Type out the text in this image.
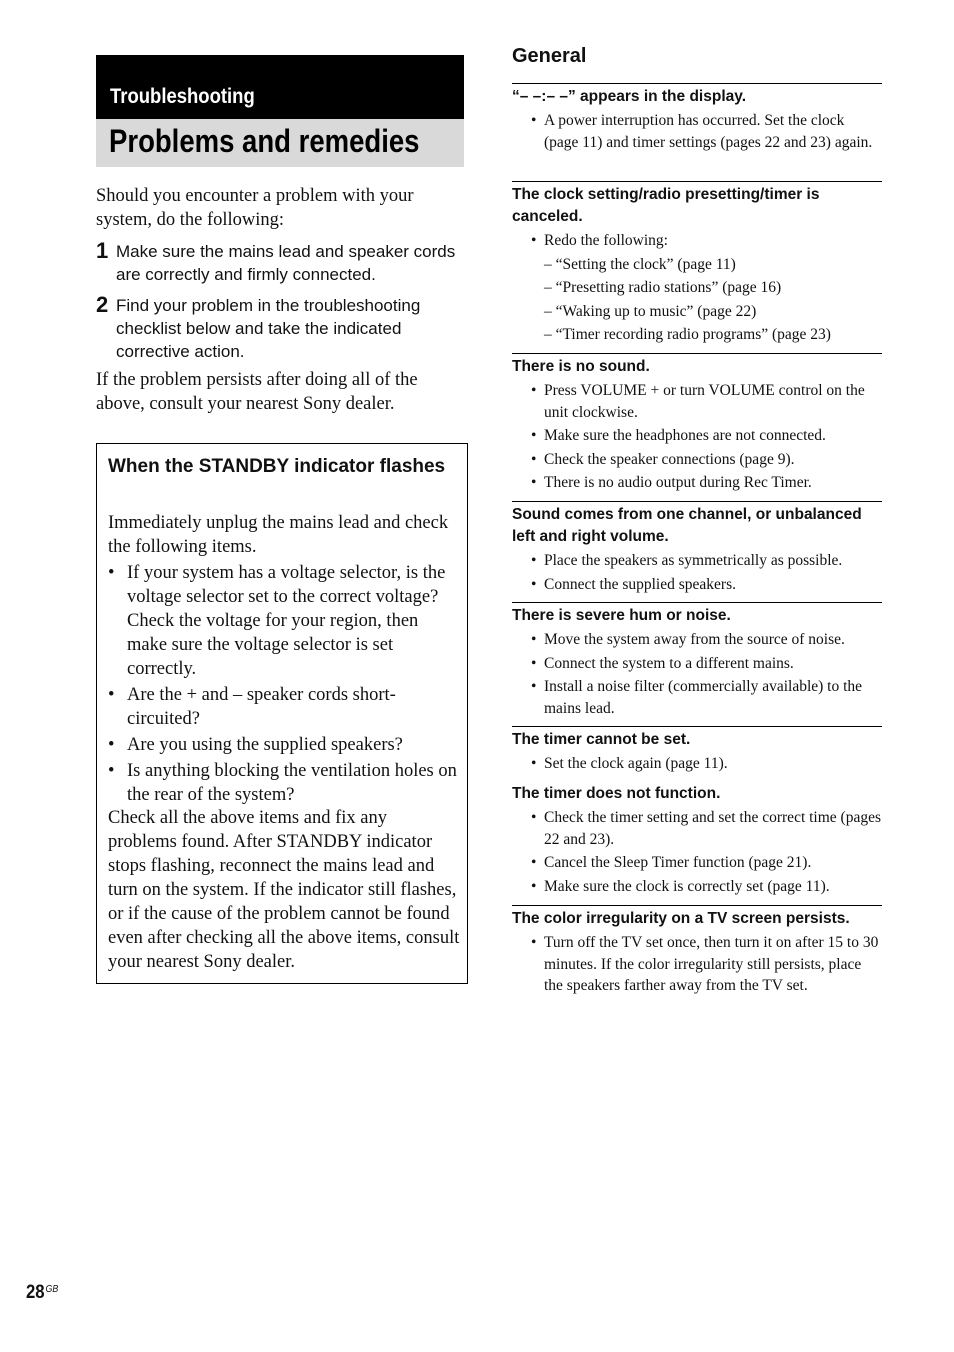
Troubleshooting
Problems and remedies

Should you encounter a problem with your system, do the following:

1 Make sure the mains lead and speaker cords are correctly and firmly connected.
2 Find your problem in the troubleshooting checklist below and take the indicated corrective action.

If the problem persists after doing all of the above, consult your nearest Sony dealer.

When the STANDBY indicator flashes

Immediately unplug the mains lead and check the following items.

• If your system has a voltage selector, is the voltage selector set to the correct voltage? Check the voltage for your region, then make sure the voltage selector is set correctly.
• Are the + and – speaker cords short-circuited?
• Are you using the supplied speakers?
• Is anything blocking the ventilation holes on the rear of the system?

Check all the above items and fix any problems found. After STANDBY indicator stops flashing, reconnect the mains lead and turn on the system. If the indicator still flashes, or if the cause of the problem cannot be found even after checking all the above items, consult your nearest Sony dealer.

General
“– –:– –” appears in the display.
• A power interruption has occurred. Set the clock (page 11) and timer settings (pages 22 and 23) again.
The clock setting/radio presetting/timer is canceled.
• Redo the following:
– “Setting the clock” (page 11)
– “Presetting radio stations” (page 16)
– “Waking up to music” (page 22)
– “Timer recording radio programs” (page 23)
There is no sound.
• Press VOLUME + or turn VOLUME control on the unit clockwise.
• Make sure the headphones are not connected.
• Check the speaker connections (page 9).
• There is no audio output during Rec Timer.
Sound comes from one channel, or unbalanced left and right volume.
• Place the speakers as symmetrically as possible.
• Connect the supplied speakers.
There is severe hum or noise.
• Move the system away from the source of noise.
• Connect the system to a different mains.
• Install a noise filter (commercially available) to the mains lead.
The timer cannot be set.
• Set the clock again (page 11).
The timer does not function.
• Check the timer setting and set the correct time (pages 22 and 23).
• Cancel the Sleep Timer function (page 21).
• Make sure the clock is correctly set (page 11).
The color irregularity on a TV screen persists.
• Turn off the TV set once, then turn it on after 15 to 30 minutes. If the color irregularity still persists, place the speakers farther away from the TV set.
$28^{GB}$
